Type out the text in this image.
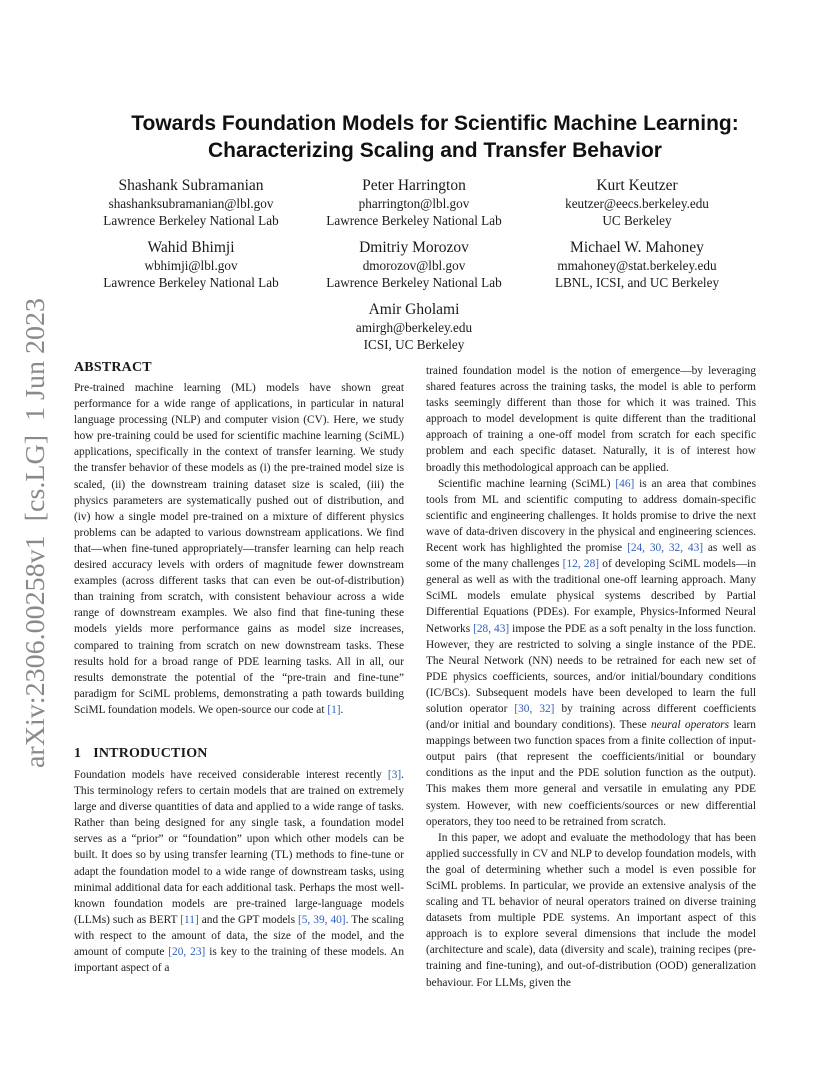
arXiv:2306.00258v1  [cs.LG]  1 Jun 2023
Towards Foundation Models for Scientific Machine Learning:
Characterizing Scaling and Transfer Behavior
Shashank Subramanian
shashanksubramanian@lbl.gov
Lawrence Berkeley National Lab
Peter Harrington
pharrington@lbl.gov
Lawrence Berkeley National Lab
Kurt Keutzer
keutzer@eecs.berkeley.edu
UC Berkeley
Wahid Bhimji
wbhimji@lbl.gov
Lawrence Berkeley National Lab
Dmitriy Morozov
dmorozov@lbl.gov
Lawrence Berkeley National Lab
Michael W. Mahoney
mmahoney@stat.berkeley.edu
LBNL, ICSI, and UC Berkeley
Amir Gholami
amirgh@berkeley.edu
ICSI, UC Berkeley
ABSTRACT

Pre-trained machine learning (ML) models have shown great performance for a wide range of applications, in particular in natural language processing (NLP) and computer vision (CV). Here, we study how pre-training could be used for scientific machine learning (SciML) applications, specifically in the context of transfer learning. We study the transfer behavior of these models as (i) the pre-trained model size is scaled, (ii) the downstream training dataset size is scaled, (iii) the physics parameters are systematically pushed out of distribution, and (iv) how a single model pre-trained on a mixture of different physics problems can be adapted to various downstream applications. We find that—when fine-tuned appropriately—transfer learning can help reach desired accuracy levels with orders of magnitude fewer downstream examples (across different tasks that can even be out-of-distribution) than training from scratch, with consistent behaviour across a wide range of downstream examples. We also find that fine-tuning these models yields more performance gains as model size increases, compared to training from scratch on new downstream tasks. These results hold for a broad range of PDE learning tasks. All in all, our results demonstrate the potential of the “pre-train and fine-tune” paradigm for SciML problems, demonstrating a path towards building SciML foundation models. We open-source our code at [1].

1 INTRODUCTION

Foundation models have received considerable interest recently [3]. This terminology refers to certain models that are trained on extremely large and diverse quantities of data and applied to a wide range of tasks. Rather than being designed for any single task, a foundation model serves as a “prior” or “foundation” upon which other models can be built. It does so by using transfer learning (TL) methods to fine-tune or adapt the foundation model to a wide range of downstream tasks, using minimal additional data for each additional task. Perhaps the most well-known foundation models are pre-trained large-language models (LLMs) such as BERT [11] and the GPT models [5, 39, 40]. The scaling with respect to the amount of data, the size of the model, and the amount of compute [20, 23] is key to the training of these models. An important aspect of a

trained foundation model is the notion of emergence—by leveraging shared features across the training tasks, the model is able to perform tasks seemingly different than those for which it was trained. This approach to model development is quite different than the traditional approach of training a one-off model from scratch for each specific problem and each specific dataset. Naturally, it is of interest how broadly this methodological approach can be applied.

Scientific machine learning (SciML) [46] is an area that combines tools from ML and scientific computing to address domain-specific scientific and engineering challenges. It holds promise to drive the next wave of data-driven discovery in the physical and engineering sciences. Recent work has highlighted the promise [24, 30, 32, 43] as well as some of the many challenges [12, 28] of developing SciML models—in general as well as with the traditional one-off learning approach. Many SciML models emulate physical systems described by Partial Differential Equations (PDEs). For example, Physics-Informed Neural Networks [28, 43] impose the PDE as a soft penalty in the loss function. However, they are restricted to solving a single instance of the PDE. The Neural Network (NN) needs to be retrained for each new set of PDE physics coefficients, sources, and/or initial/boundary conditions (IC/BCs). Subsequent models have been developed to learn the full solution operator [30, 32] by training across different coefficients (and/or initial and boundary conditions). These neural operators learn mappings between two function spaces from a finite collection of input-output pairs (that represent the coefficients/initial or boundary conditions as the input and the PDE solution function as the output). This makes them more general and versatile in emulating any PDE system. However, with new coefficients/sources or new differential operators, they too need to be retrained from scratch.

In this paper, we adopt and evaluate the methodology that has been applied successfully in CV and NLP to develop foundation models, with the goal of determining whether such a model is even possible for SciML problems. In particular, we provide an extensive analysis of the scaling and TL behavior of neural operators trained on diverse training datasets from multiple PDE systems. An important aspect of this approach is to explore several dimensions that include the model (architecture and scale), data (diversity and scale), training recipes (pre-training and fine-tuning), and out-of-distribution (OOD) generalization behaviour. For LLMs, given the
